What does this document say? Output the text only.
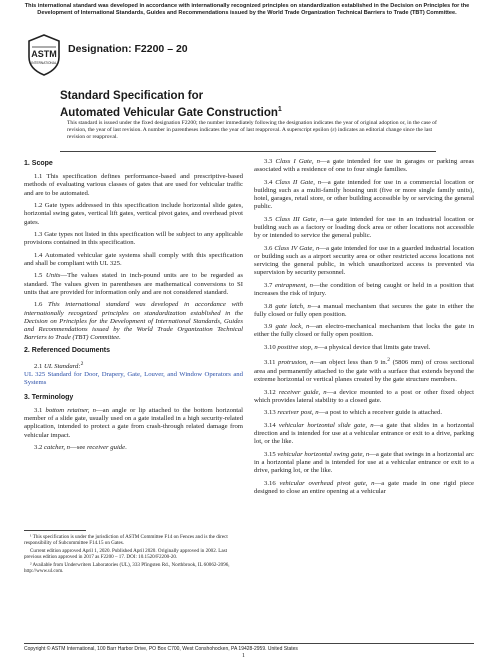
This international standard was developed in accordance with internationally recognized principles on standardization established in the Decision on Principles for the Development of International Standards, Guides and Recommendations issued by the World Trade Organization Technical Barriers to Trade (TBT) Committee.
ASTM
INTERNATIONAL
Designation: F2200 – 20
Standard Specification for
Automated Vehicular Gate Construction$^1$
This standard is issued under the fixed designation F2200; the number immediately following the designation indicates the year of original adoption or, in the case of revision, the year of last revision. A number in parentheses indicates the year of last reapproval. A superscript epsilon (ε) indicates an editorial change since the last revision or reapproval.
1. Scope

1.1 This specification defines performance-based and prescriptive-based methods of evaluating various classes of gates that are used for vehicular traffic and are to be automated.

1.2 Gate types addressed in this specification include horizontal slide gates, horizontal swing gates, vertical lift gates, vertical pivot gates, and overhead pivot gates.

1.3 Gate types not listed in this specification will be subject to any applicable provisions contained in this specification.

1.4 Automated vehicular gate systems shall comply with this specification and shall be compliant with UL 325.

1.5 Units—The values stated in inch-pound units are to be regarded as standard. The values given in parentheses are mathematical conversions to SI units that are provided for information only and are not considered standard.

1.6 This international standard was developed in accordance with internationally recognized principles on standardization established in the Decision on Principles for the Development of International Standards, Guides and Recommendations issued by the World Trade Organization Technical Barriers to Trade (TBT) Committee.

2. Referenced Documents

2.1 UL Standard:$^2$

UL 325 Standard for Door, Drapery, Gate, Louver, and Window Operators and Systems

3. Terminology

3.1 bottom retainer, n—an angle or lip attached to the bottom horizontal member of a slide gate, usually used on a gate installed in a high security-related application, intended to protect a gate from crash-through related damage from vehicular impact.

3.2 catcher, n—see receiver guide.

¹ This specification is under the jurisdiction of ASTM Committee F14 on Fences and is the direct responsibility of Subcommittee F14.15 on Gates.

Current edition approved April 1, 2020. Published April 2020. Originally approved in 2002. Last previous edition approved in 2017 as F2200 – 17. DOI: 10.1520/F2200-20.

² Available from Underwriters Laboratories (UL), 333 Pfingsten Rd., Northbrook, IL 60062-2096, http://www.ul.com.

3.3 Class I Gate, n—a gate intended for use in garages or parking areas associated with a residence of one to four single families.

3.4 Class II Gate, n—a gate intended for use in a commercial location or building such as a multi-family housing unit (five or more single family units), hotel, garages, retail store, or other building accessible by or servicing the general public.

3.5 Class III Gate, n—a gate intended for use in an industrial location or building such as a factory or loading dock area or other locations not accessible by or intended to service the general public.

3.6 Class IV Gate, n—a gate intended for use in a guarded industrial location or building such as a airport security area or other restricted access locations not servicing the general public, in which unauthorized access is prevented via supervision by security personnel.

3.7 entrapment, n—the condition of being caught or held in a position that increases the risk of injury.

3.8 gate latch, n—a manual mechanism that secures the gate in either the fully closed or fully open position.

3.9 gate lock, n—an electro-mechanical mechanism that locks the gate in either the fully closed or fully open position.

3.10 positive stop, n—a physical device that limits gate travel.

3.11 protrusion, n—an object less than 9 in.$^2$ (5806 mm) of cross sectional area and permanently attached to the gate with a surface that extends beyond the extreme horizontal or vertical planes created by the gate structure members.

3.12 receiver guide, n—a device mounted to a post or other fixed object which provides lateral stability to a closed gate.

3.13 receiver post, n—a post to which a receiver guide is attached.

3.14 vehicular horizontal slide gate, n—a gate that slides in a horizontal direction and is intended for use at a vehicular entrance or exit to a drive, parking lot, or the like.

3.15 vehicular horizontal swing gate, n—a gate that swings in a horizontal arc in a horizontal plane and is intended for use at a vehicular entrance or exit to a drive, parking lot, or the like.

3.16 vehicular overhead pivot gate, n—a gate made in one rigid piece designed to close an entire opening at a vehicular

Copyright © ASTM International, 100 Barr Harbor Drive, PO Box C700, West Conshohocken, PA 19428-2959. United States
1
